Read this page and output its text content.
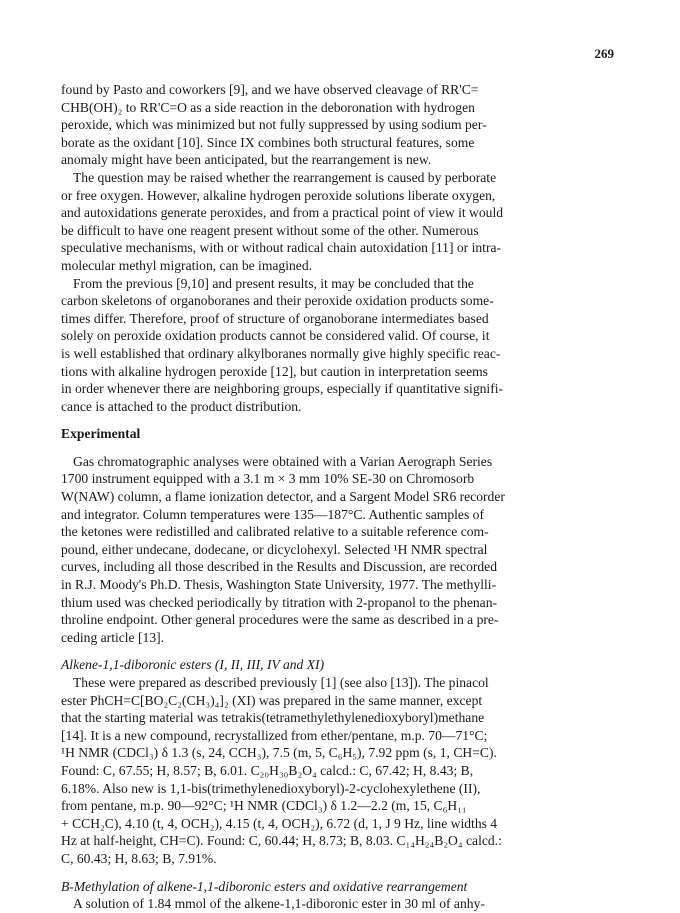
269
found by Pasto and coworkers [9], and we have observed cleavage of RR'C=
CHB(OH)₂ to RR'C=O as a side reaction in the deboronation with hydrogen
peroxide, which was minimized but not fully suppressed by using sodium per-
borate as the oxidant [10]. Since IX combines both structural features, some
anomaly might have been anticipated, but the rearrangement is new.
The question may be raised whether the rearrangement is caused by perborate
or free oxygen. However, alkaline hydrogen peroxide solutions liberate oxygen,
and autoxidations generate peroxides, and from a practical point of view it would
be difficult to have one reagent present without some of the other. Numerous
speculative mechanisms, with or without radical chain autoxidation [11] or intra-
molecular methyl migration, can be imagined.
From the previous [9,10] and present results, it may be concluded that the
carbon skeletons of organoboranes and their peroxide oxidation products some-
times differ. Therefore, proof of structure of organoborane intermediates based
solely on peroxide oxidation products cannot be considered valid. Of course, it
is well established that ordinary alkylboranes normally give highly specific reac-
tions with alkaline hydrogen peroxide [12], but caution in interpretation seems
in order whenever there are neighboring groups, especially if quantitative signifi-
cance is attached to the product distribution.
Experimental
Gas chromatographic analyses were obtained with a Varian Aerograph Series
1700 instrument equipped with a 3.1 m × 3 mm 10% SE-30 on Chromosorb
W(NAW) column, a flame ionization detector, and a Sargent Model SR6 recorder
and integrator. Column temperatures were 135—187°C. Authentic samples of
the ketones were redistilled and calibrated relative to a suitable reference com-
pound, either undecane, dodecane, or dicyclohexyl. Selected ¹H NMR spectral
curves, including all those described in the Results and Discussion, are recorded
in R.J. Moody's Ph.D. Thesis, Washington State University, 1977. The methylli-
thium used was checked periodically by titration with 2-propanol to the phenan-
throline endpoint. Other general procedures were the same as described in a pre-
ceding article [13].
Alkene-1,1-diboronic esters (I, II, III, IV and XI)
These were prepared as described previously [1] (see also [13]). The pinacol
ester PhCH=C[BO₂C₂(CH₃)₄]₂ (XI) was prepared in the same manner, except
that the starting material was tetrakis(tetramethylethylenedioxyboryl)methane
[14]. It is a new compound, recrystallized from ether/pentane, m.p. 70—71°C;
¹H NMR (CDCl₃) δ 1.3 (s, 24, CCH₃), 7.5 (m, 5, C₆H₅), 7.92 ppm (s, 1, CH=C).
Found: C, 67.55; H, 8.57; B, 6.01. C₂₀H₃₀B₂O₄ calcd.: C, 67.42; H, 8.43; B,
6.18%. Also new is 1,1-bis(trimethylenedioxyboryl)-2-cyclohexylethene (II),
from pentane, m.p. 90—92°C; ¹H NMR (CDCl₃) δ 1.2—2.2 (m, 15, C₆H₁₁
+ CCH₂C), 4.10 (t, 4, OCH₂), 4.15 (t, 4, OCH₂), 6.72 (d, 1, J 9 Hz, line widths 4
Hz at half-height, CH=C). Found: C, 60.44; H, 8.73; B, 8.03. C₁₄H₂₄B₂O₄ calcd.:
C, 60.43; H, 8.63; B, 7.91%.
B-Methylation of alkene-1,1-diboronic esters and oxidative rearrangement
A solution of 1.84 mmol of the alkene-1,1-diboronic ester in 30 ml of anhy-
